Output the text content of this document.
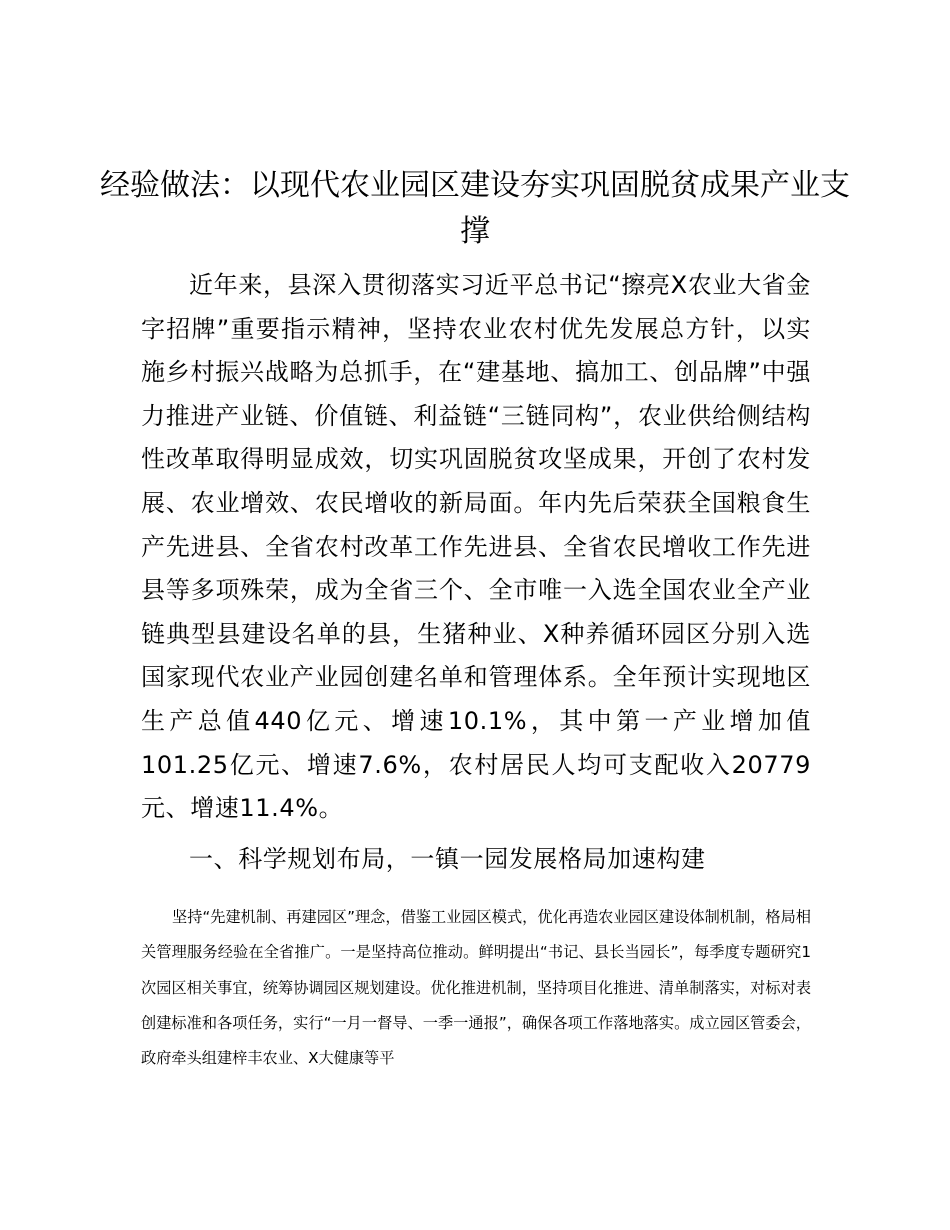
经验做法：以现代农业园区建设夯实巩固脱贫成果产业支撑

近年来，县深入贯彻落实习近平总书记“擦亮X农业大省金字招牌”重要指示精神，坚持农业农村优先发展总方针，以实施乡村振兴战略为总抓手，在“建基地、搞加工、创品牌”中强力推进产业链、价值链、利益链“三链同构”，农业供给侧结构性改革取得明显成效，切实巩固脱贫攻坚成果，开创了农村发展、农业增效、农民增收的新局面。年内先后荣获全国粮食生产先进县、全省农村改革工作先进县、全省农民增收工作先进县等多项殊荣，成为全省三个、全市唯一入选全国农业全产业链典型县建设名单的县，生猪种业、X种养循环园区分别入选国家现代农业产业园创建名单和管理体系。全年预计实现地区生产总值440亿元、增速10.1%，其中第一产业增加值101.25亿元、增速7.6%，农村居民人均可支配收入20779元、增速11.4%。

一、科学规划布局，一镇一园发展格局加速构建

坚持“先建机制、再建园区”理念，借鉴工业园区模式，优化再造农业园区建设体制机制，格局相关管理服务经验在全省推广。一是坚持高位推动。鲜明提出“书记、县长当园长”，每季度专题研究1次园区相关事宜，统筹协调园区规划建设。优化推进机制，坚持项目化推进、清单制落实，对标对表创建标准和各项任务，实行“一月一督导、一季一通报”，确保各项工作落地落实。成立园区管委会，政府牵头组建梓丰农业、X大健康等平
